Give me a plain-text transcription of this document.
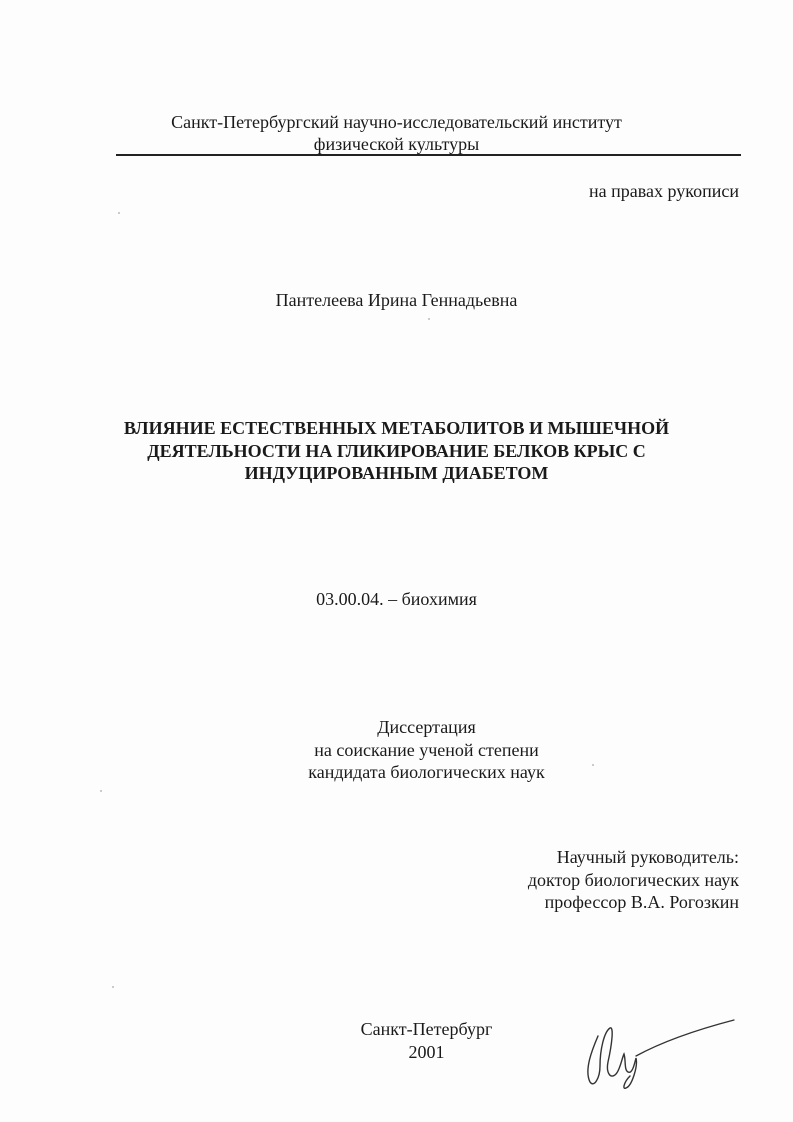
Санкт-Петербургский научно-исследовательский институт
физической культуры
на правах рукописи
Пантелеева Ирина Геннадьевна
ВЛИЯНИЕ ЕСТЕСТВЕННЫХ МЕТАБОЛИТОВ И МЫШЕЧНОЙ
ДЕЯТЕЛЬНОСТИ НА ГЛИКИРОВАНИЕ БЕЛКОВ КРЫС С
ИНДУЦИРОВАННЫМ ДИАБЕТОМ
03.00.04. – биохимия
Диссертация
на соискание ученой степени
кандидата биологических наук
Научный руководитель:
доктор биологических наук
профессор В.А. Рогозкин
Санкт-Петербург
2001
